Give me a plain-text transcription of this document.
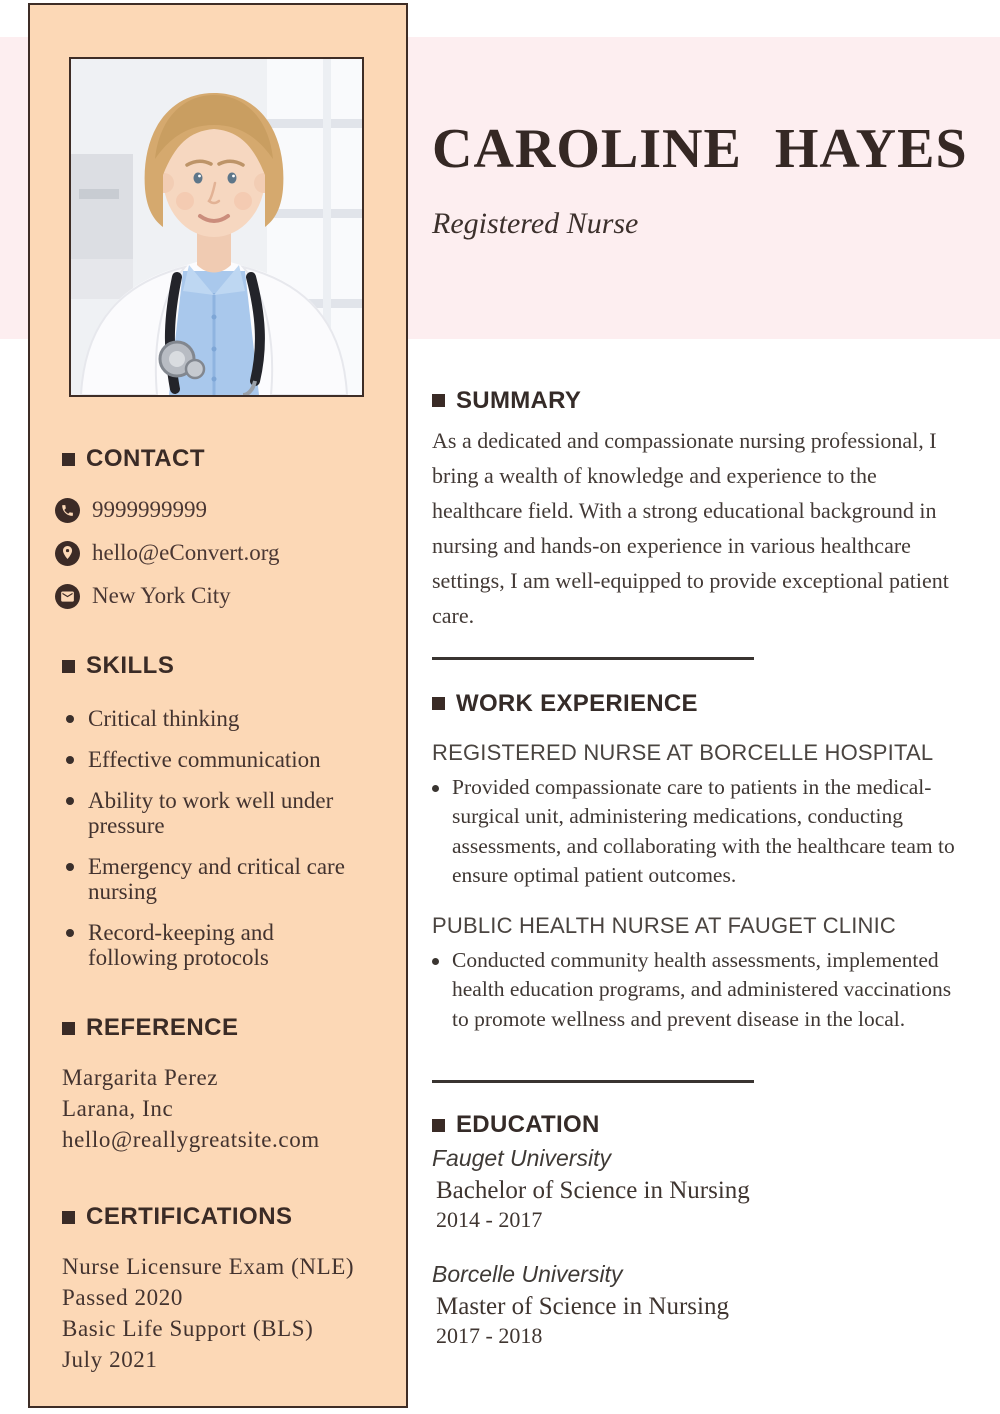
CONTACT
9999999999
hello@eConvert.org
New York City
SKILLS
Critical thinking
Effective communication
Ability to work well under pressure
Emergency and critical care nursing
Record-keeping and following protocols
REFERENCE
Margarita Perez
Larana, Inc
hello@reallygreatsite.com
CERTIFICATIONS
Nurse Licensure Exam (NLE)
Passed 2020
Basic Life Support (BLS)
July 2021
CAROLINE HAYES
Registered Nurse
SUMMARY

As a dedicated and compassionate nursing professional, I bring a wealth of knowledge and experience to the healthcare field. With a strong educational background in nursing and hands-on experience in various healthcare settings, I am well-equipped to provide exceptional patient care.

WORK EXPERIENCE
REGISTERED NURSE AT BORCELLE HOSPITAL
Provided compassionate care to patients in the medical-surgical unit, administering medications, conducting assessments, and collaborating with the healthcare team to ensure optimal patient outcomes.
PUBLIC HEALTH NURSE AT FAUGET CLINIC
Conducted community health assessments, implemented health education programs, and administered vaccinations to promote wellness and prevent disease in the local.
EDUCATION
Fauget University
Bachelor of Science in Nursing
2014 - 2017
Borcelle University
Master of Science in Nursing
2017 - 2018
